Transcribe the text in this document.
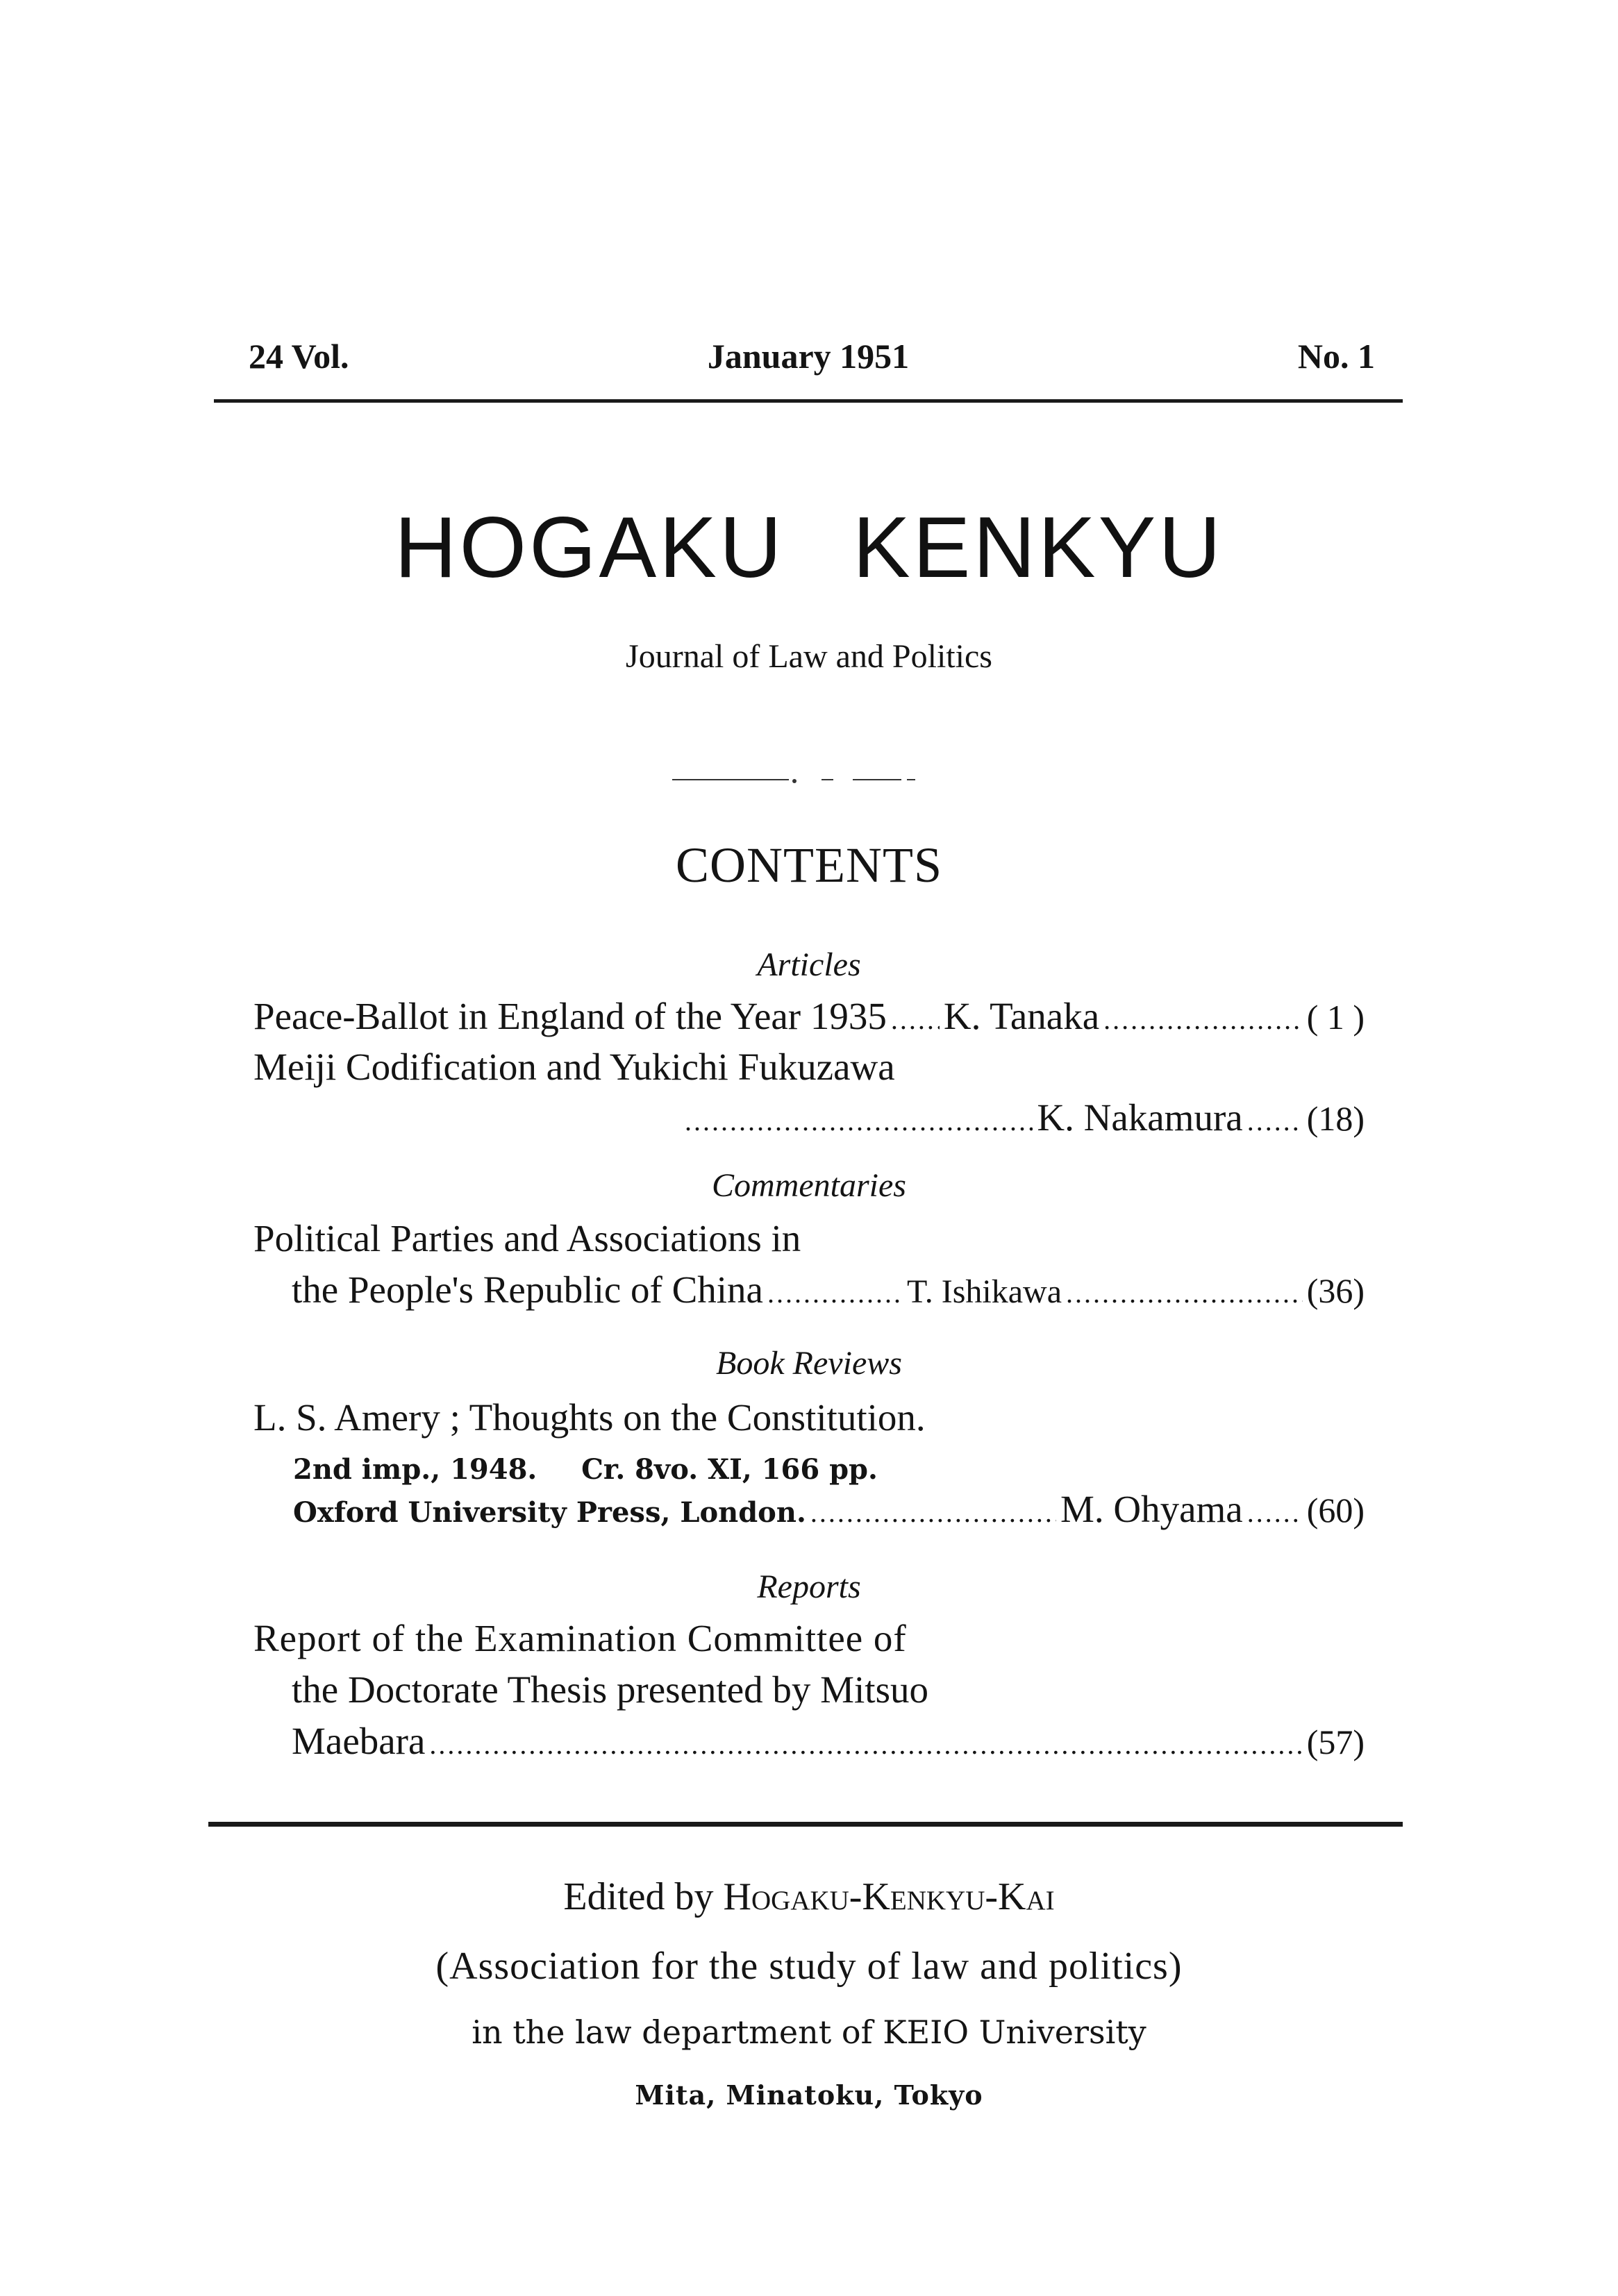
24 Vol.	January 1951	No. 1
HOGAKU KENKYU
Journal of Law and Politics
CONTENTS
Articles
Peace-Ballot in England of the Year 1935 ..... K. Tanaka .....	( 1 )
Meiji Codification and Yukichi Fukuzawa
.....
K. Nakamura ..... (18)
Commentaries
Political Parties and Associations in
the People's Republic of China .....	T. Ishikawa .....	(36)
Book Reviews
L. S. Amery ; Thoughts on the Constitution.
2nd imp., 1948. Cr. 8vo. XI, 166 pp.
Oxford University Press, London. .....	M. Ohyama ..... (60)
Reports
Report of the Examination Committee of
the Doctorate Thesis presented by Mitsuo
Maebara .....	(57)
Edited by Hogaku-Kenkyu-Kai
(Association for the study of law and politics)
in the law department of KEIO University
Mita, Minatoku, Tokyo
